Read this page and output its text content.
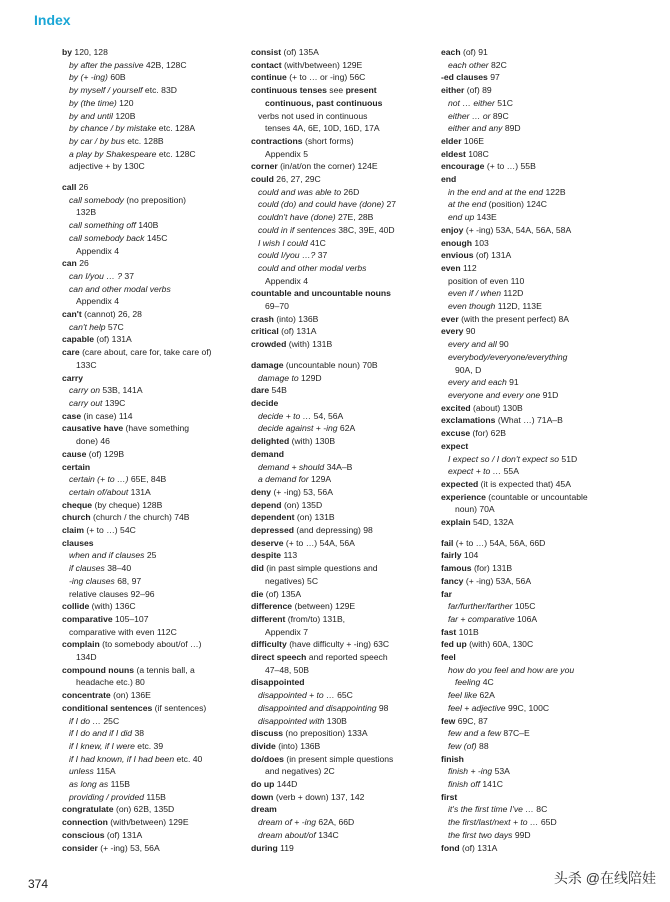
Index
by 120, 128
by after the passive 42B, 128C
by (+ -ing) 60B
by myself / yourself etc. 83D
by (the time) 120
by and until 120B
by chance / by mistake etc. 128A
by car / by bus etc. 128B
a play by Shakespeare etc. 128C
adjective + by 130C
call 26
call somebody (no preposition)
132B
call something off 140B
call somebody back 145C
Appendix 4
can 26
can I/you … ? 37
can and other modal verbs
Appendix 4
can't (cannot) 26, 28
can't help 57C
capable (of) 131A
care (care about, care for, take care of)
133C
carry
carry on 53B, 141A
carry out 139C
case (in case) 114
causative have (have something
done) 46
cause (of) 129B
certain
certain (+ to …) 65E, 84B
certain of/about 131A
cheque (by cheque) 128B
church (church / the church) 74B
claim (+ to …) 54C
clauses
when and if clauses 25
if clauses 38–40
-ing clauses 68, 97
relative clauses 92–96
collide (with) 136C
comparative 105–107
comparative with even 112C
complain (to somebody about/of …)
134D
compound nouns (a tennis ball, a
headache etc.) 80
concentrate (on) 136E
conditional sentences (if sentences)
if I do … 25C
if I do and if I did 38
if I knew, if I were etc. 39
if I had known, if I had been etc. 40
unless 115A
as long as 115B
providing / provided 115B
congratulate (on) 62B, 135D
connection (with/between) 129E
conscious (of) 131A
consider (+ -ing) 53, 56A
consist (of) 135A
contact (with/between) 129E
continue (+ to … or -ing) 56C
continuous tenses see present
continuous, past continuous
verbs not used in continuous
tenses 4A, 6E, 10D, 16D, 17A
contractions (short forms)
Appendix 5
corner (in/at/on the corner) 124E
could 26, 27, 29C
could and was able to 26D
could (do) and could have (done) 27
couldn't have (done) 27E, 28B
could in if sentences 38C, 39E, 40D
I wish I could 41C
could I/you …? 37
could and other modal verbs
Appendix 4
countable and uncountable nouns
69–70
crash (into) 136B
critical (of) 131A
crowded (with) 131B
damage (uncountable noun) 70B
damage to 129D
dare 54B
decide
decide + to … 54, 56A
decide against + -ing 62A
delighted (with) 130B
demand
demand + should 34A–B
a demand for 129A
deny (+ -ing) 53, 56A
depend (on) 135D
dependent (on) 131B
depressed (and depressing) 98
deserve (+ to …) 54A, 56A
despite 113
did (in past simple questions and
negatives) 5C
die (of) 135A
difference (between) 129E
different (from/to) 131B,
Appendix 7
difficulty (have difficulty + -ing) 63C
direct speech and reported speech
47–48, 50B
disappointed
disappointed + to … 65C
disappointed and disappointing 98
disappointed with 130B
discuss (no preposition) 133A
divide (into) 136B
do/does (in present simple questions
and negatives) 2C
do up 144D
down (verb + down) 137, 142
dream
dream of + -ing 62A, 66D
dream about/of 134C
during 119
each (of) 91
each other 82C
-ed clauses 97
either (of) 89
not … either 51C
either … or 89C
either and any 89D
elder 106E
eldest 108C
encourage (+ to …) 55B
end
in the end and at the end 122B
at the end (position) 124C
end up 143E
enjoy (+ -ing) 53A, 54A, 56A, 58A
enough 103
envious (of) 131A
even 112
position of even 110
even if / when 112D
even though 112D, 113E
ever (with the present perfect) 8A
every 90
every and all 90
everybody/everyone/everything
90A, D
every and each 91
everyone and every one 91D
excited (about) 130B
exclamations (What …) 71A–B
excuse (for) 62B
expect
I expect so / I don't expect so 51D
expect + to … 55A
expected (it is expected that) 45A
experience (countable or uncountable
noun) 70A
explain 54D, 132A
fail (+ to …) 54A, 56A, 66D
fairly 104
famous (for) 131B
fancy (+ -ing) 53A, 56A
far
far/further/farther 105C
far + comparative 106A
fast 101B
fed up (with) 60A, 130C
feel
how do you feel and how are you
feeling 4C
feel like 62A
feel + adjective 99C, 100C
few 69C, 87
few and a few 87C–E
few (of) 88
finish
finish + -ing 53A
finish off 141C
first
it's the first time I've … 8C
the first/last/next + to … 65D
the first two days 99D
fond (of) 131A
374	头杀 @在线陪娃
